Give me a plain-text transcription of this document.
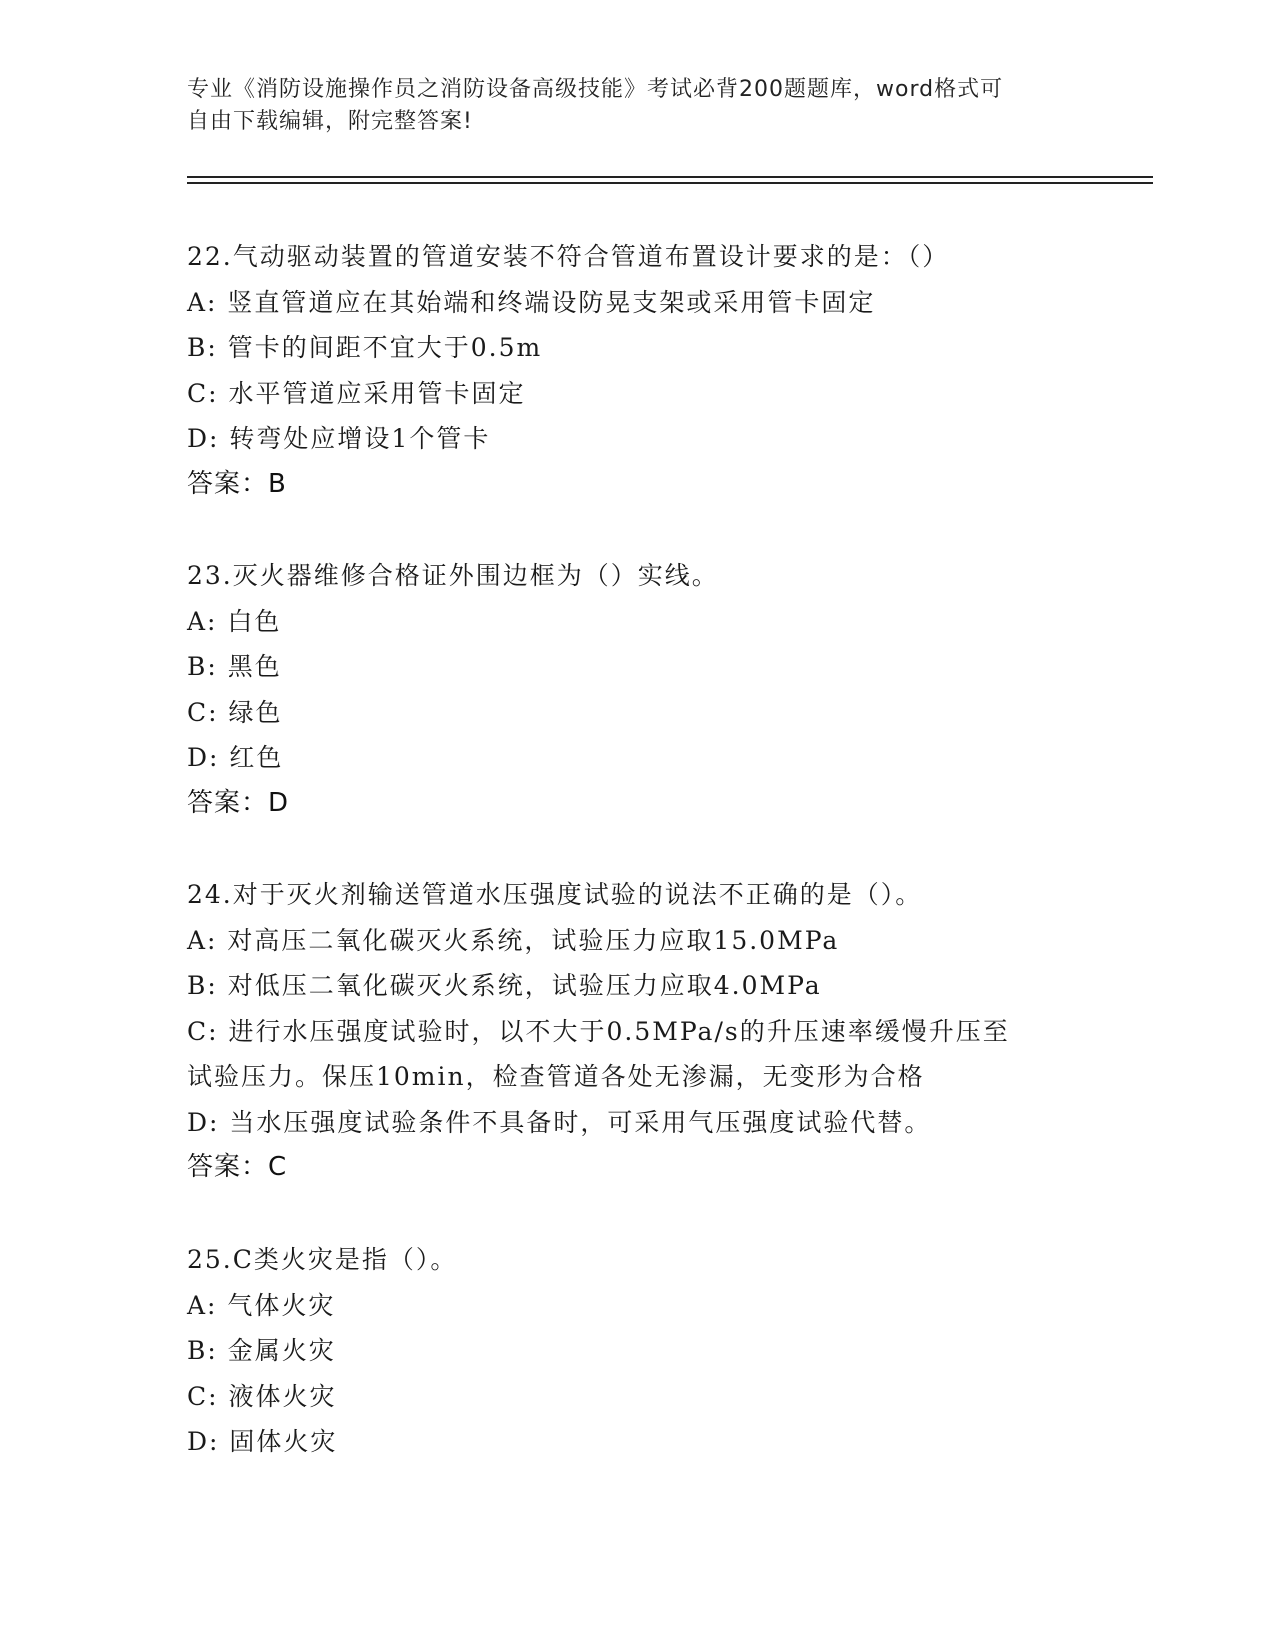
专业《消防设施操作员之消防设备高级技能》考试必背200题题库，word格式可
自由下载编辑，附完整答案!
22.气动驱动装置的管道安装不符合管道布置设计要求的是：（）
A: 竖直管道应在其始端和终端设防晃支架或采用管卡固定
B: 管卡的间距不宜大于0.5m
C: 水平管道应采用管卡固定
D: 转弯处应增设1个管卡
答案：B
23.灭火器维修合格证外围边框为（）实线。
A: 白色
B: 黑色
C: 绿色
D: 红色
答案：D
24.对于灭火剂输送管道水压强度试验的说法不正确的是（）。
A: 对高压二氧化碳灭火系统，试验压力应取15.0MPa
B: 对低压二氧化碳灭火系统，试验压力应取4.0MPa
C: 进行水压强度试验时，以不大于0.5MPa/s的升压速率缓慢升压至
试验压力。保压10min，检查管道各处无渗漏，无变形为合格
D: 当水压强度试验条件不具备时，可采用气压强度试验代替。
答案：C
25.C类火灾是指（）。
A: 气体火灾
B: 金属火灾
C: 液体火灾
D: 固体火灾
